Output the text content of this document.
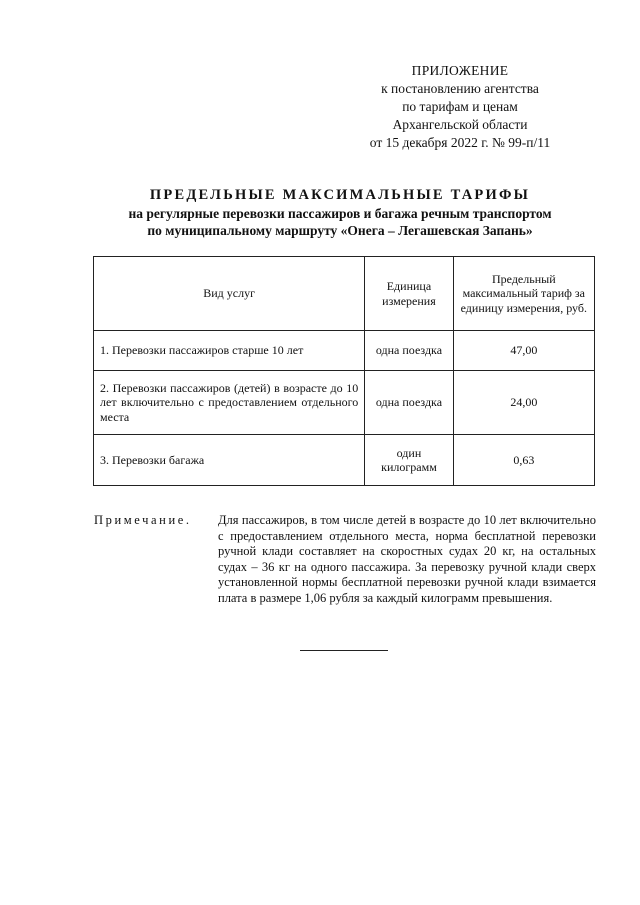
ПРИЛОЖЕНИЕ
к постановлению агентства
по тарифам и ценам
Архангельской области
от 15 декабря 2022 г. № 99-п/11
ПРЕДЕЛЬНЫЕ МАКСИМАЛЬНЫЕ ТАРИФЫ
на регулярные перевозки пассажиров и багажа речным транспортом
по муниципальному маршруту «Онега – Легашевская Запань»
Вид услуг	Единица измерения	Предельный максимальный тариф за единицу измерения, руб.
1. Перевозки пассажиров старше 10 лет	одна поездка	47,00
2. Перевозки пассажиров (детей) в возрасте до 10 лет включительно с предоставлением отдельного места	одна поездка	24,00
3. Перевозки багажа	один килограмм	0,63
Примечание. Для пассажиров, в том числе детей в возрасте до 10 лет включительно с предоставлением отдельного места, норма бесплатной перевозки ручной клади составляет на скоростных судах 20 кг, на остальных судах – 36 кг на одного пассажира. За перевозку ручной клади сверх установленной нормы бесплатной перевозки ручной клади взимается плата в размере 1,06 рубля за каждый килограмм превышения.
